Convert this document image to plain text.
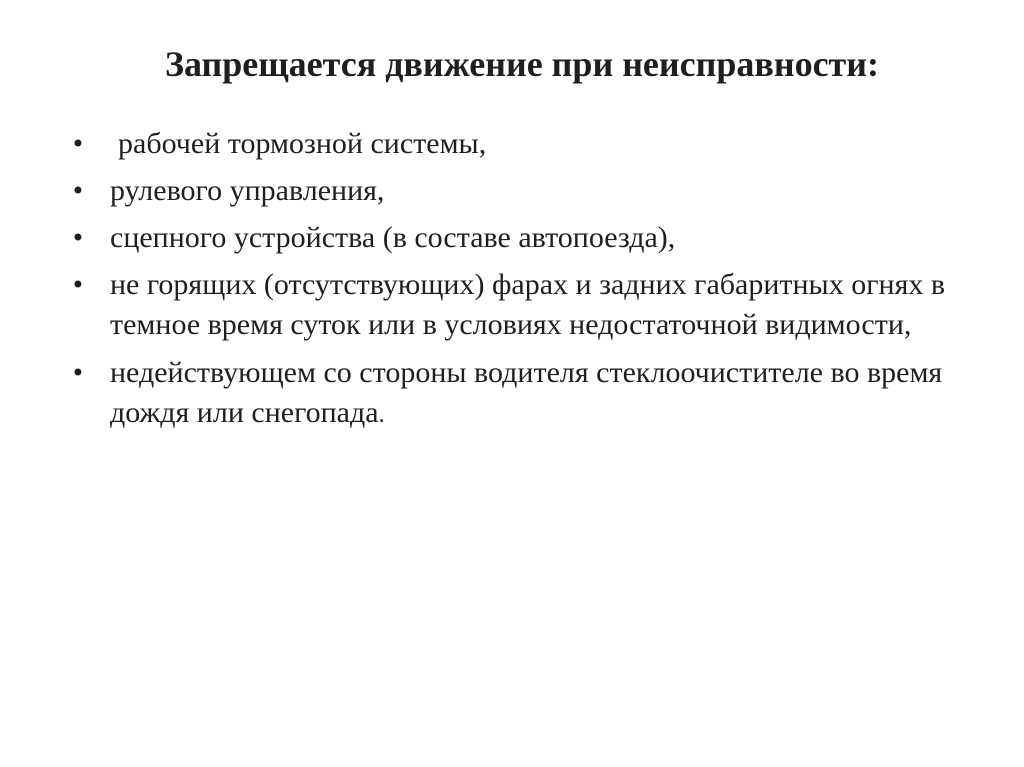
Запрещается движение при неисправности:
• рабочей тормозной системы,
• рулевого управления,
• сцепного устройства (в составе автопоезда),
• не горящих (отсутствующих) фарах и задних габаритных огнях в темное время суток или в условиях недостаточной видимости,
• недействующем со стороны водителя стеклоочистителе во время дождя или снегопада.
